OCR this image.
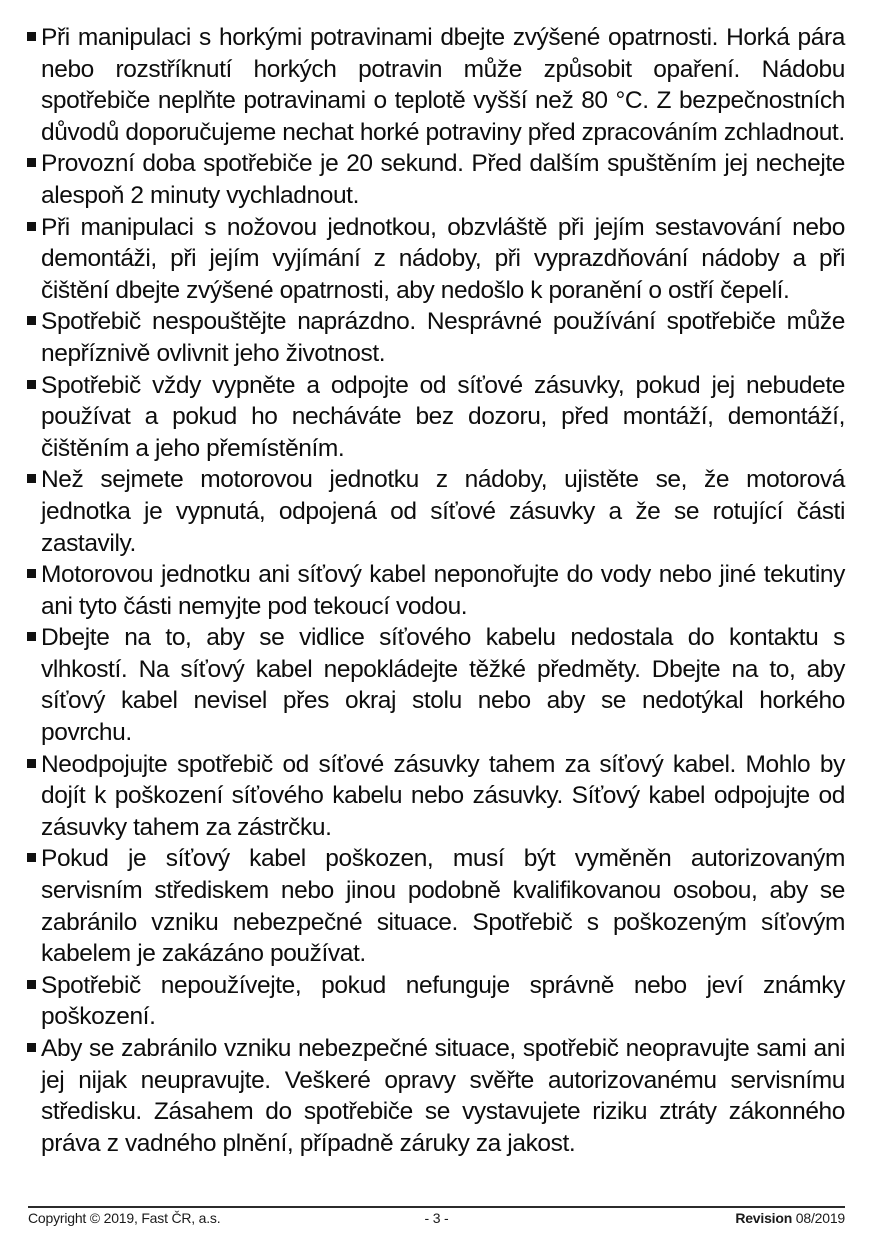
Při manipulaci s horkými potravinami dbejte zvýšené opatrnosti. Horká pára nebo rozstříknutí horkých potravin může způsobit opaření. Nádobu spotřebiče neplňte potravinami o teplotě vyšší než 80 °C. Z bezpečnostních důvodů doporučujeme nechat horké potraviny před zpracováním zchladnout.
Provozní doba spotřebiče je 20 sekund. Před dalším spuštěním jej nechejte alespoň 2 minuty vychladnout.
Při manipulaci s nožovou jednotkou, obzvláště při jejím sestavování nebo demontáži, při jejím vyjímání z nádoby, při vyprazdňování nádoby a při čištění dbejte zvýšené opatrnosti, aby nedošlo k poranění o ostří čepelí.
Spotřebič nespouštějte naprázdno. Nesprávné používání spotřebiče může nepříznivě ovlivnit jeho životnost.
Spotřebič vždy vypněte a odpojte od síťové zásuvky, pokud jej nebudete používat a pokud ho necháváte bez dozoru, před montáží, demontáží, čištěním a jeho přemístěním.
Než sejmete motorovou jednotku z nádoby, ujistěte se, že motorová jednotka je vypnutá, odpojená od síťové zásuvky a že se rotující části zastavily.
Motorovou jednotku ani síťový kabel neponořujte do vody nebo jiné tekutiny ani tyto části nemyjte pod tekoucí vodou.
Dbejte na to, aby se vidlice síťového kabelu nedostala do kontaktu s vlhkostí. Na síťový kabel nepokládejte těžké předměty. Dbejte na to, aby síťový kabel nevisel přes okraj stolu nebo aby se nedotýkal horkého povrchu.
Neodpojujte spotřebič od síťové zásuvky tahem za síťový kabel. Mohlo by dojít k poškození síťového kabelu nebo zásuvky. Síťový kabel odpojujte od zásuvky tahem za zástrčku.
Pokud je síťový kabel poškozen, musí být vyměněn autorizovaným servisním střediskem nebo jinou podobně kvalifikovanou osobou, aby se zabránilo vzniku nebezpečné situace. Spotřebič s poškozeným síťovým kabelem je zakázáno používat.
Spotřebič nepoužívejte, pokud nefunguje správně nebo jeví známky poškození.
Aby se zabránilo vzniku nebezpečné situace, spotřebič neopravujte sami ani jej nijak neupravujte. Veškeré opravy svěřte autorizovanému servisnímu středisku. Zásahem do spotřebiče se vystavujete riziku ztráty zákonného práva z vadného plnění, případně záruky za jakost.
Copyright © 2019, Fast ČR, a.s.	- 3 -	Revision 08/2019
